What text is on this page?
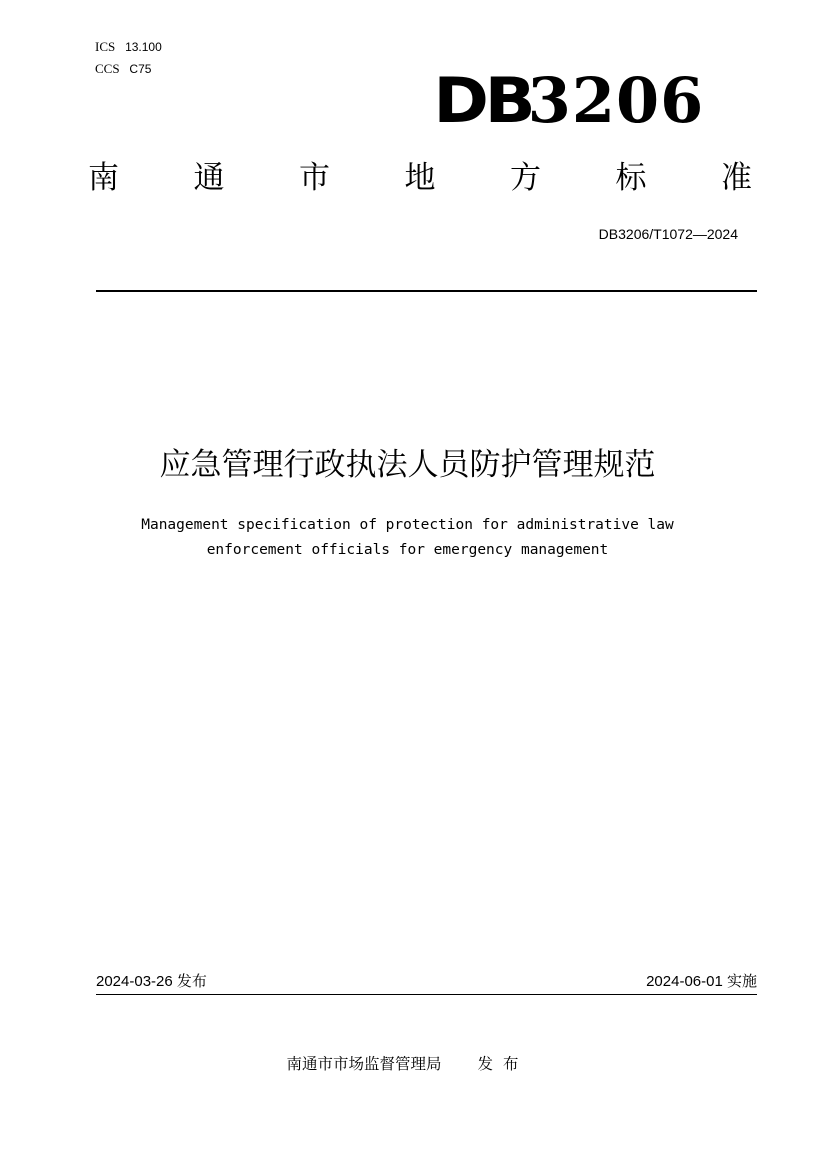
ICS 13.100
CCS C75	DB3206
南 通 市 地 方 标 准
DB3206/T1072—2024
应急管理行政执法人员防护管理规范
Management specification of protection for administrative law
enforcement officials for emergency management
2024-03-26 发布	2024-06-01 实施
南通市市场监督管理局 发布
